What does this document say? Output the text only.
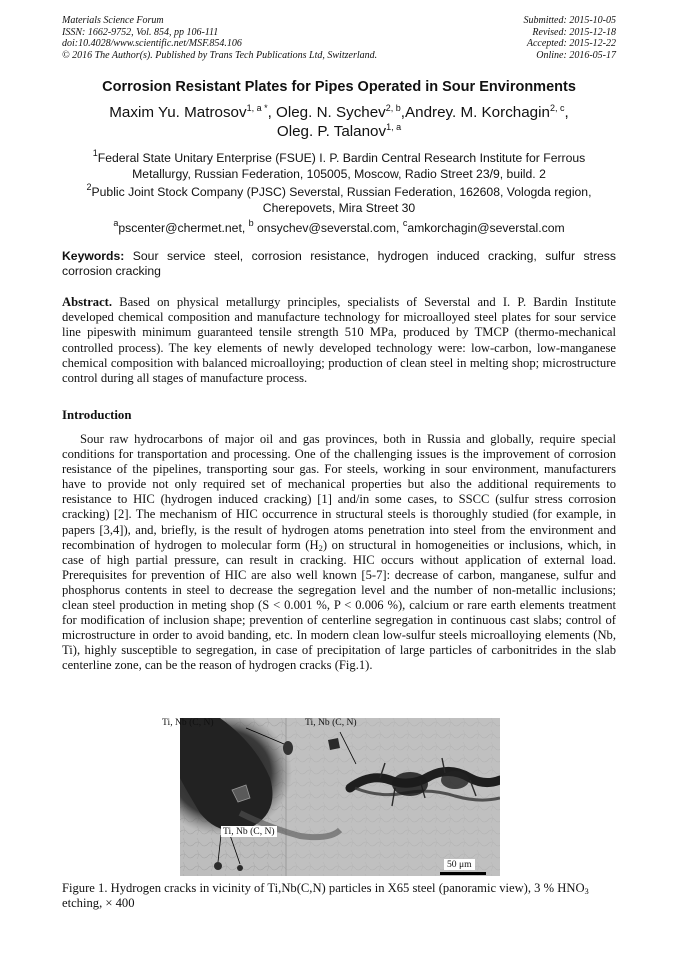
Materials Science Forum
ISSN: 1662-9752, Vol. 854, pp 106-111
doi:10.4028/www.scientific.net/MSF.854.106
© 2016 The Author(s). Published by Trans Tech Publications Ltd, Switzerland.
Submitted: 2015-10-05
Revised: 2015-12-18
Accepted: 2015-12-22
Online: 2016-05-17
Corrosion Resistant Plates for Pipes Operated in Sour Environments
Maxim Yu. Matrosov$^{1, a *}$, Oleg. N. Sychev$^{2, b}$,Andrey. M. Korchagin$^{2, c}$,
Oleg. P. Talanov$^{1, a}$
$^1$Federal State Unitary Enterprise (FSUE) I. P. Bardin Central Research Institute for Ferrous Metallurgy, Russian Federation, 105005, Moscow, Radio Street 23/9, build. 2
$^2$Public Joint Stock Company (PJSC) Severstal, Russian Federation, 162608, Vologda region, Cherepovets, Mira Street 30
$^a$pscenter@chermet.net, $^b$ onsychev@severstal.com, $^c$amkorchagin@severstal.com
Keywords: Sour service steel, corrosion resistance, hydrogen induced cracking, sulfur stress corrosion cracking
Abstract. Based on physical metallurgy principles, specialists of Severstal and I. P. Bardin Institute developed chemical composition and manufacture technology for microalloyed steel plates for sour service line pipeswith minimum guaranteed tensile strength 510 MPa, produced by TMCP (thermo-mechanical controlled process). The key elements of newly developed technology were: low-carbon, low-manganese chemical composition with balanced microalloying; production of clean steel in melting shop; microstructure control during all stages of manufacture process.
Introduction
Sour raw hydrocarbons of major oil and gas provinces, both in Russia and globally, require special conditions for transportation and processing. One of the challenging issues is the improvement of corrosion resistance of the pipelines, transporting sour gas. For steels, working in sour environment, manufacturers have to provide not only required set of mechanical properties but also the additional requirements to resistance to HIC (hydrogen induced cracking) [1] and/in some cases, to SSCC (sulfur stress corrosion cracking) [2]. The mechanism of HIC occurrence in structural steels is thoroughly studied (for example, in papers [3,4]), and, briefly, is the result of hydrogen atoms penetration into steel from the environment and recombination of hydrogen to molecular form $(H_2)$ on structural in homogeneities or inclusions, which, in case of high partial pressure, can result in cracking. HIC occurs without application of external load. Prerequisites for prevention of HIC are also well known [5-7]: decrease of carbon, manganese, sulfur and phosphorus contents in steel to decrease the segregation level and the number of non-metallic inclusions; clean steel production in meting shop (S < 0.001 %, P < 0.006 %), calcium or rare earth elements treatment for modification of inclusion shape; prevention of centerline segregation in continuous cast slabs; control of microstructure in order to avoid banding, etc. In modern clean low-sulfur steels microalloying elements (Nb, Ti), highly susceptible to segregation, in case of precipitation of large particles of carbonitrides in the slab centerline zone, can be the reason of hydrogen cracks (Fig.1).
Ti, Nb (C, N)	Ti, Nb (C, N)
Ti, Nb (C, N)
50 μm
Figure 1. Hydrogen cracks in vicinity of Ti,Nb(C,N) particles in X65 steel (panoramic view), 3 % $HNO_3$ etching, × 400
